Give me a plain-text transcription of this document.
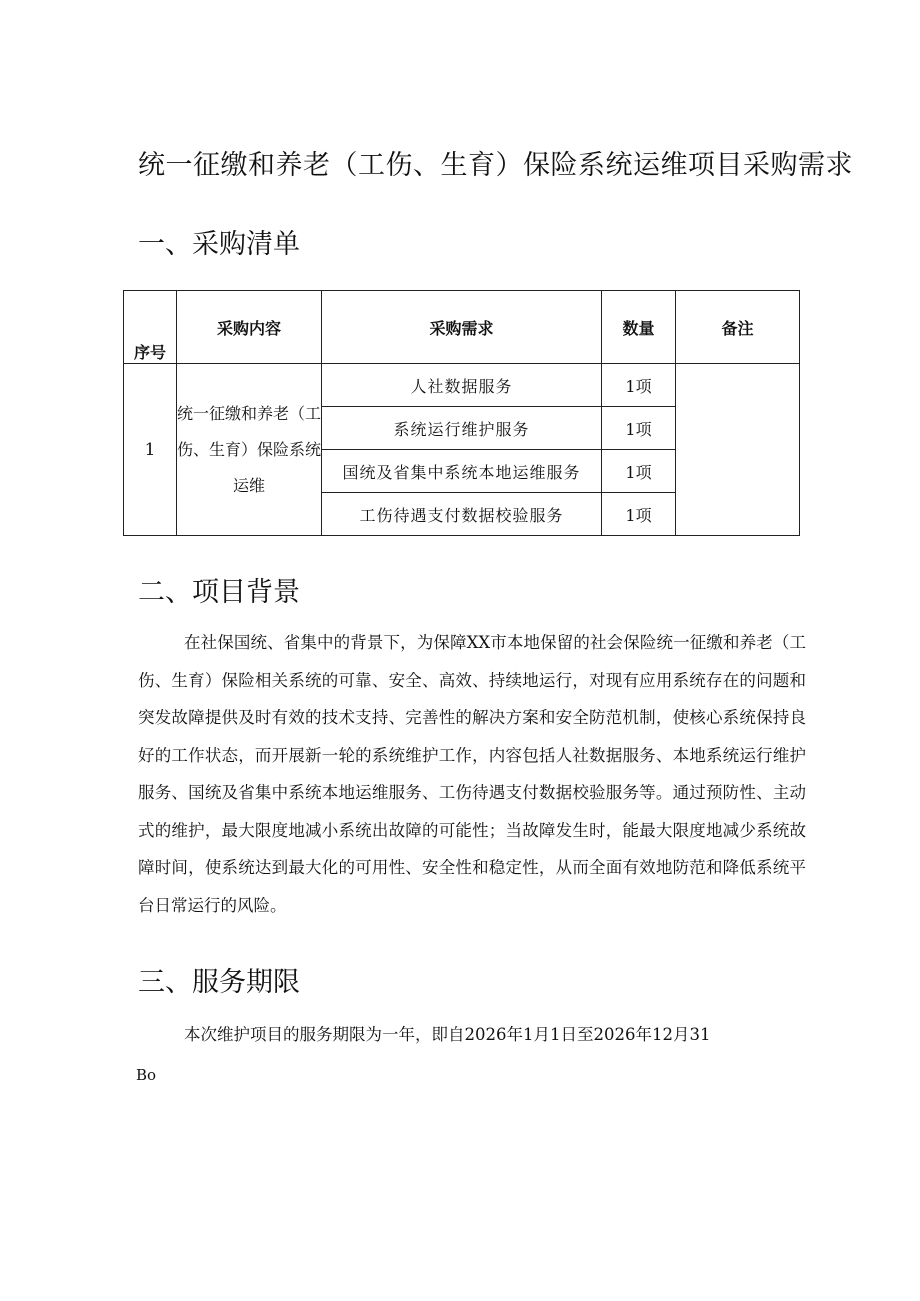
统一征缴和养老（工伤、生育）保险系统运维项目采购需求
一、采购清单
序号	采购内容	采购需求	数量	备注
1	统一征缴和养老（工伤、生育）保险系统运维	人社数据服务	1项	
		系统运行维护服务	1项	
		国统及省集中系统本地运维服务	1项	
		工伤待遇支付数据校验服务	1项	
二、项目背景

在社保国统、省集中的背景下，为保障XX市本地保留的社会保险统一征缴和养老（工伤、生育）保险相关系统的可靠、安全、高效、持续地运行，对现有应用系统存在的问题和突发故障提供及时有效的技术支持、完善性的解决方案和安全防范机制，使核心系统保持良好的工作状态，而开展新一轮的系统维护工作，内容包括人社数据服务、本地系统运行维护服务、国统及省集中系统本地运维服务、工伤待遇支付数据校验服务等。通过预防性、主动式的维护，最大限度地减小系统出故障的可能性；当故障发生时，能最大限度地减少系统故障时间，使系统达到最大化的可用性、安全性和稳定性，从而全面有效地防范和降低系统平台日常运行的风险。

三、服务期限

本次维护项目的服务期限为一年，即自2026年1月1日至2026年12月31

Bo
